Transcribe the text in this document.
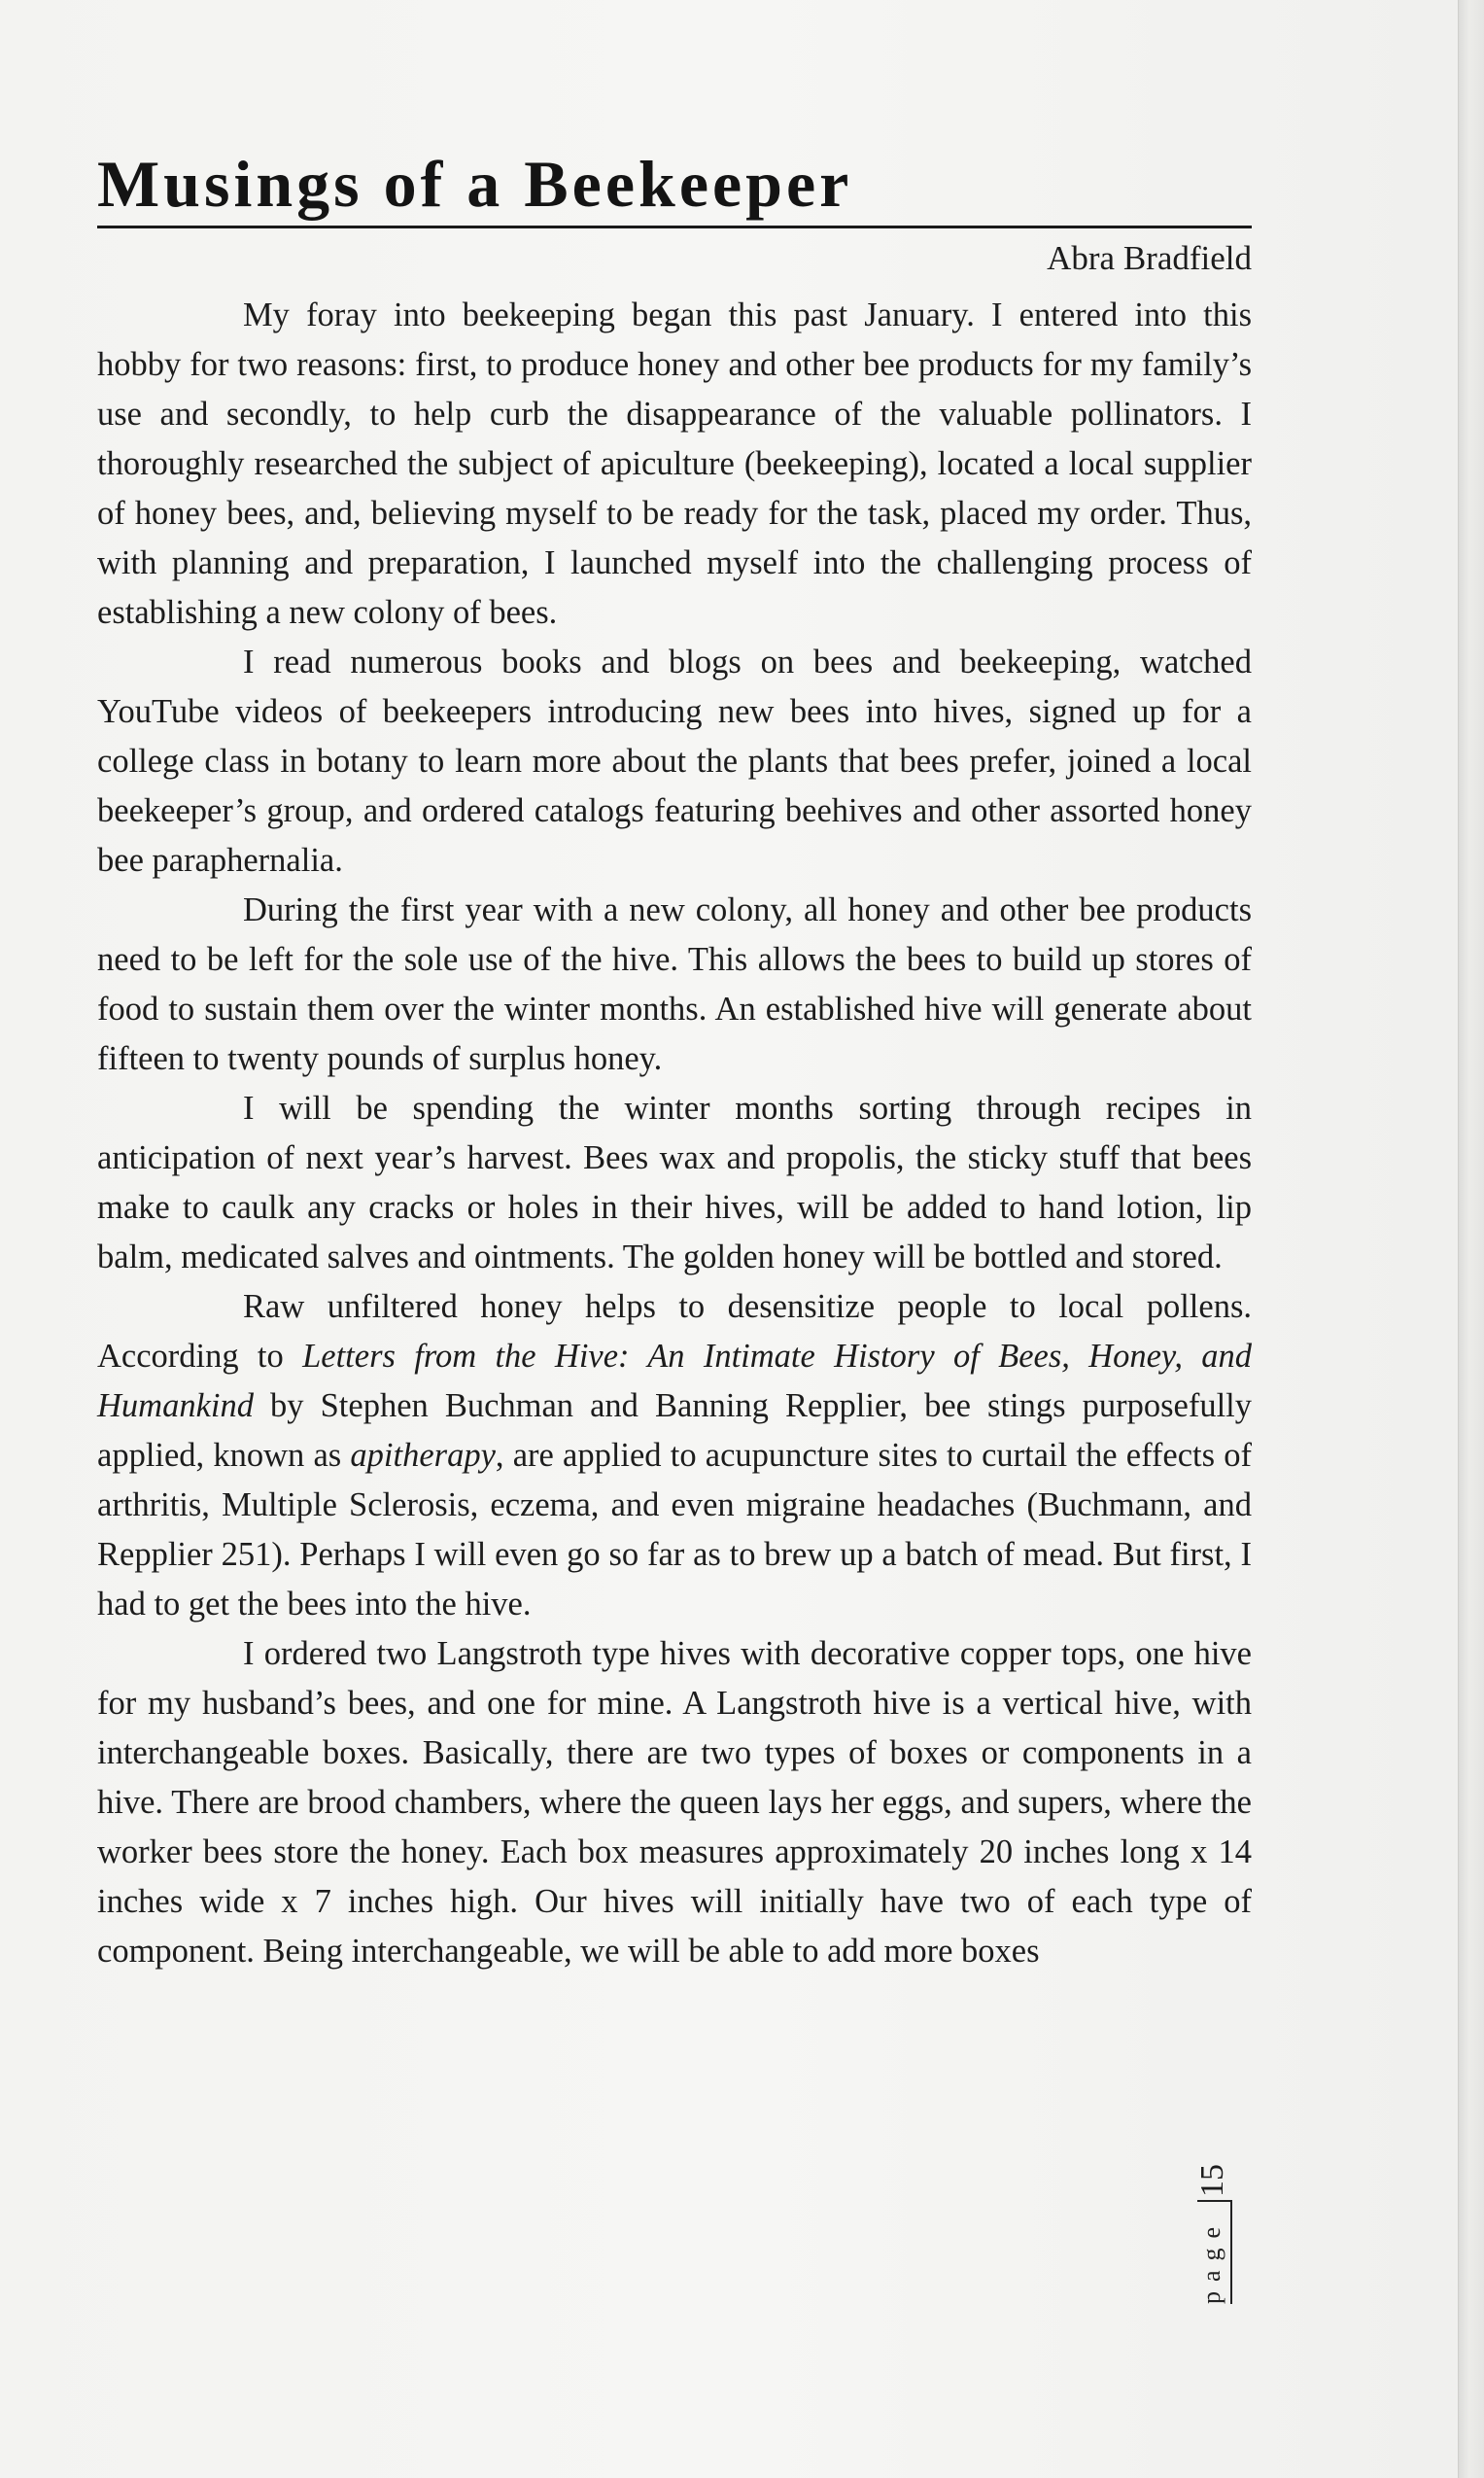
Musings of a Beekeeper
Abra Bradfield

My foray into beekeeping began this past January. I entered into this hobby for two reasons: first, to produce honey and other bee products for my family’s use and secondly, to help curb the disappearance of the valuable pollinators. I thoroughly researched the subject of apiculture (beekeeping), located a local supplier of honey bees, and, believing myself to be ready for the task, placed my order. Thus, with planning and preparation, I launched myself into the challenging process of establishing a new colony of bees.

I read numerous books and blogs on bees and beekeeping, watched YouTube videos of beekeepers introducing new bees into hives, signed up for a college class in botany to learn more about the plants that bees prefer, joined a local beekeeper’s group, and ordered catalogs featuring beehives and other assorted honey bee paraphernalia.

During the first year with a new colony, all honey and other bee products need to be left for the sole use of the hive. This allows the bees to build up stores of food to sustain them over the winter months. An established hive will generate about fifteen to twenty pounds of surplus honey.

I will be spending the winter months sorting through recipes in anticipation of next year’s harvest. Bees wax and propolis, the sticky stuff that bees make to caulk any cracks or holes in their hives, will be added to hand lotion, lip balm, medicated salves and ointments. The golden honey will be bottled and stored.

Raw unfiltered honey helps to desensitize people to local pollens. According to Letters from the Hive: An Intimate History of Bees, Honey, and Humankind by Stephen Buchman and Banning Repplier, bee stings purposefully applied, known as apitherapy, are applied to acupuncture sites to curtail the effects of arthritis, Multiple Sclerosis, eczema, and even migraine headaches (Buchmann, and Repplier 251). Perhaps I will even go so far as to brew up a batch of mead. But first, I had to get the bees into the hive.

I ordered two Langstroth type hives with decorative copper tops, one hive for my husband’s bees, and one for mine. A Langstroth hive is a vertical hive, with interchangeable boxes. Basically, there are two types of boxes or components in a hive. There are brood chambers, where the queen lays her eggs, and supers, where the worker bees store the honey. Each box measures approximately 20 inches long x 14 inches wide x 7 inches high. Our hives will initially have two of each type of component. Being interchangeable, we will be able to add more boxes

page
15
